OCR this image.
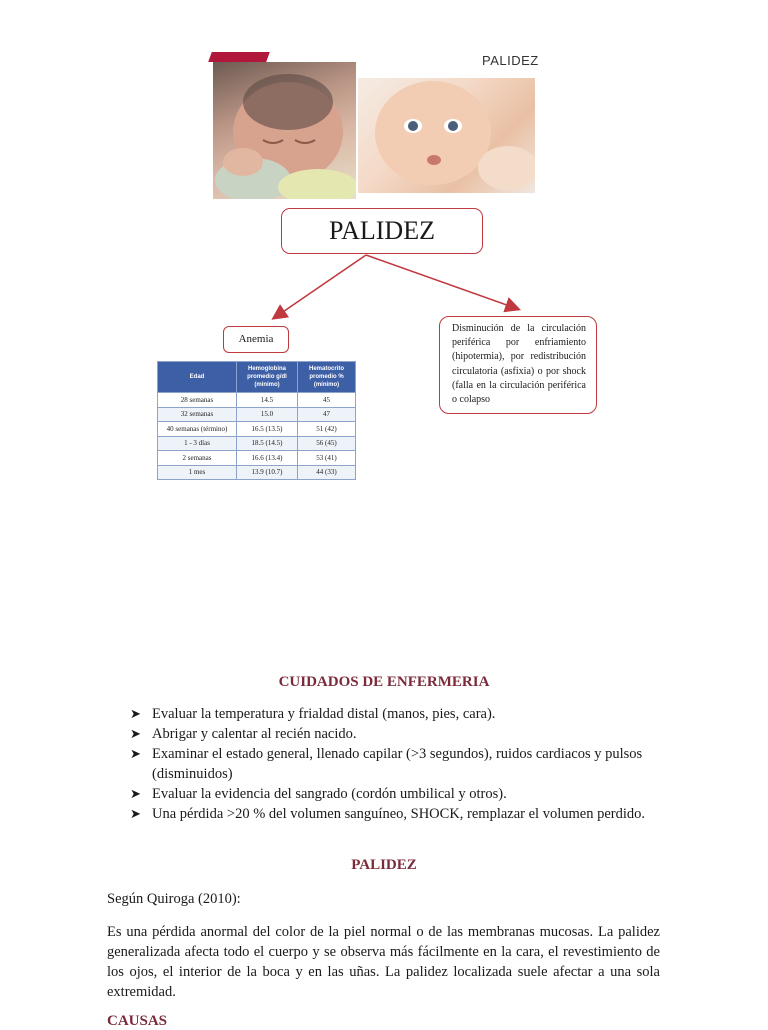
PALIDEZ
PALIDEZ
Anemia
Disminución de la circulación periférica por enfriamiento (hipotermia), por redistribución circulatoria (asfixia) o por shock (falla en la circulación periférica o colapso
Edad	Hemoglobina promedio g/dl (mínimo)	Hematocrito promedio % (mínimo)
28 semanas	14.5	45
32 semanas	15.0	47
40 semanas (término)	16.5 (13.5)	51 (42)
1 - 3 días	18.5 (14.5)	56 (45)
2 semanas	16.6 (13.4)	53 (41)
1 mes	13.9 (10.7)	44 (33)
CUIDADOS DE ENFERMERIA
➤ Evaluar la temperatura y frialdad distal (manos, pies, cara).
➤ Abrigar y calentar al recién nacido.
➤ Examinar el estado general, llenado capilar (>3 segundos), ruidos cardiacos y pulsos (disminuidos)
➤ Evaluar la evidencia del sangrado (cordón umbilical y otros).
➤ Una pérdida >20 % del volumen sanguíneo, SHOCK, remplazar el volumen perdido.
PALIDEZ
Según Quiroga (2010):
Es una pérdida anormal del color de la piel normal o de las membranas mucosas. La palidez generalizada afecta todo el cuerpo y se observa más fácilmente en la cara, el revestimiento de los ojos, el interior de la boca y en las uñas. La palidez localizada suele afectar a una sola extremidad.
CAUSAS
